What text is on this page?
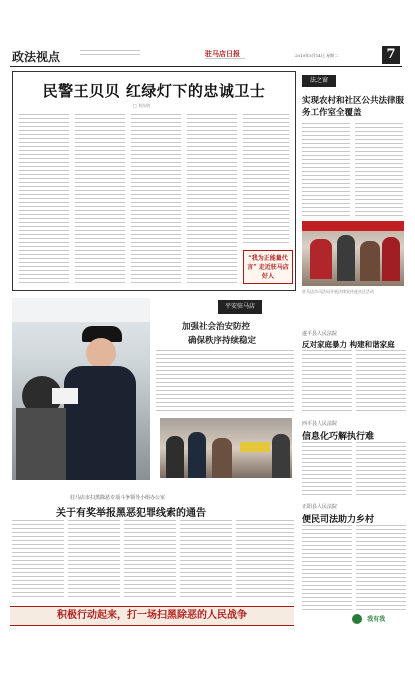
政法视点	驻马店日报	2019年5月14日 星期二	7
民警王贝贝 红绿灯下的忠诚卫士
□ 刘东明
“我为正能量代言” 走近驻马店好人
法之窗
实现农村和社区公共法律服务工作室全覆盖
驻马店市司法局开展法律宣传进社区活动
平安驻马店
加强社会治安防控
确保秩序持续稳定
遂平县人民法院
反对家庭暴力 构建和谐家庭
西平县人民法院
信息化巧解执行难
正阳县人民法院
便民司法助力乡村
驻马店市扫黑除恶专项斗争领导小组办公室
关于有奖举报黑恶犯罪线索的通告
积极行动起来，打一场扫黑除恶的人民战争	我有我
